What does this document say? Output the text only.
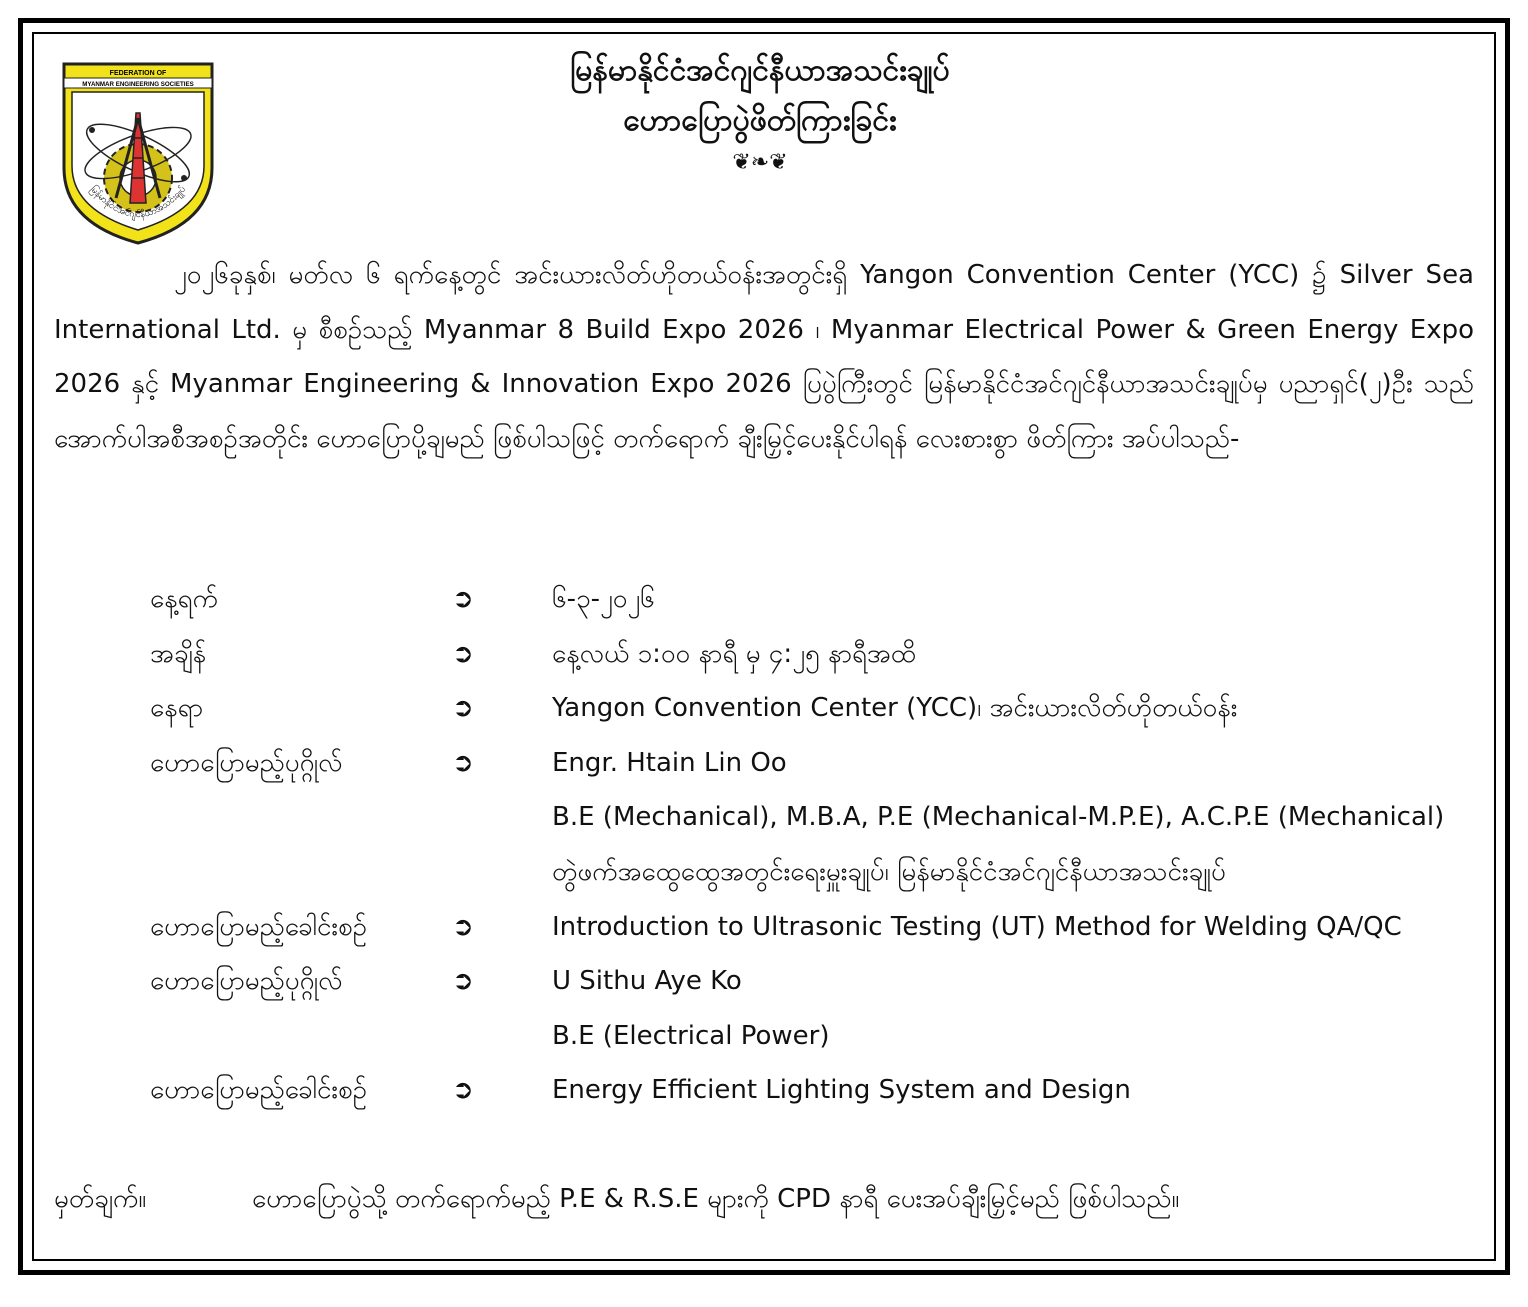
FEDERATION OF
MYANMAR ENGINEERING SOCIETIES
မြန်မာနိုင်ငံအင်ဂျင်နီယာအသင်းချုပ်
မြန်မာနိုင်ငံအင်ဂျင်နီယာအသင်းချုပ်
ဟောပြောပွဲဖိတ်ကြားခြင်း
❦❧❦

၂၀၂၆ခုနှစ်၊ မတ်လ ၆ ရက်နေ့တွင် အင်းယားလိတ်ဟိုတယ်ဝန်းအတွင်းရှိ Yangon Convention Center (YCC) ၌ Silver Sea International Ltd. မှ စီစဉ်သည့် Myanmar 8 Build Expo 2026 ၊ Myanmar Electrical Power & Green Energy Expo 2026 နှင့် Myanmar Engineering & Innovation Expo 2026 ပြပွဲကြီးတွင် မြန်မာနိုင်ငံအင်ဂျင်နီယာအသင်းချုပ်မှ ပညာရှင်(၂)ဦး သည် အောက်ပါအစီအစဉ်အတိုင်း ဟောပြောပို့ချမည် ဖြစ်ပါသဖြင့် တက်ရောက် ချီးမြှင့်ပေးနိုင်ပါရန် လေးစားစွာ ဖိတ်ကြား အပ်ပါသည်-

နေ့ရက်	➲	၆-၃-၂၀၂၆
အချိန်	➲	နေ့လယ် ၁:၀၀ နာရီ မှ ၄:၂၅ နာရီအထိ
နေရာ	➲	Yangon Convention Center (YCC)၊ အင်းယားလိတ်ဟိုတယ်ဝန်း
ဟောပြောမည့်ပုဂ္ဂိုလ်	➲	Engr. Htain Lin Oo
B.E (Mechanical), M.B.A, P.E (Mechanical-M.P.E), A.C.P.E (Mechanical)
တွဲဖက်အထွေထွေအတွင်းရေးမှူးချုပ်၊ မြန်မာနိုင်ငံအင်ဂျင်နီယာအသင်းချုပ်
ဟောပြောမည့်ခေါင်းစဉ်	➲	Introduction to Ultrasonic Testing (UT) Method for Welding QA/QC
ဟောပြောမည့်ပုဂ္ဂိုလ်	➲	U Sithu Aye Ko
B.E (Electrical Power)
ဟောပြောမည့်ခေါင်းစဉ်	➲	Energy Efficient Lighting System and Design
မှတ်ချက်။	ဟောပြောပွဲသို့ တက်ရောက်မည့် P.E & R.S.E များကို CPD နာရီ ပေးအပ်ချီးမြှင့်မည် ဖြစ်ပါသည်။
